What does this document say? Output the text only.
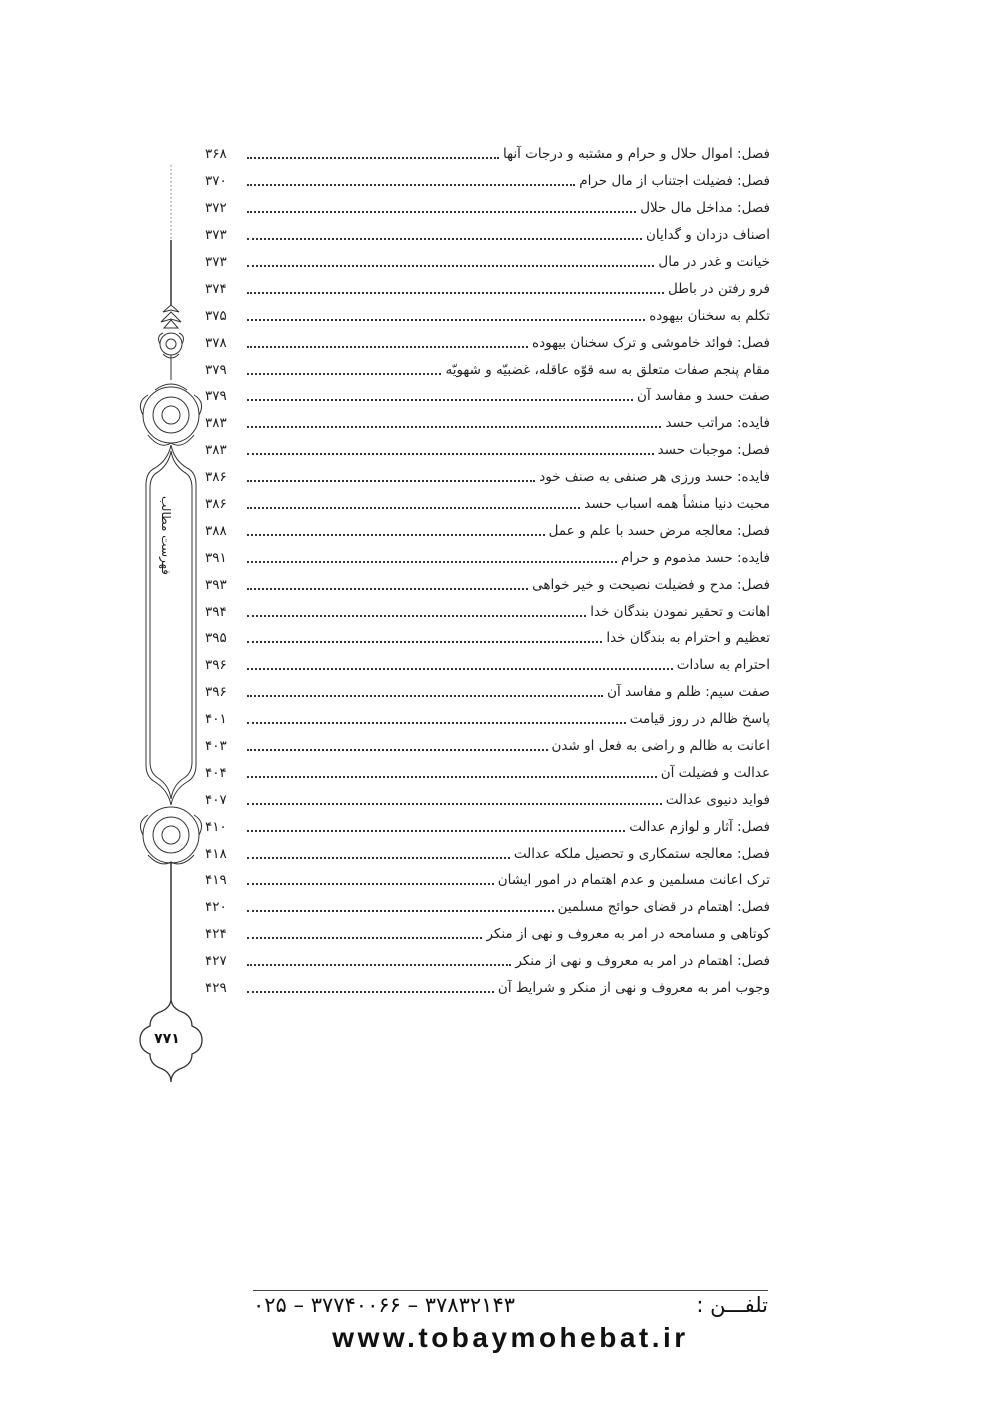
فهرست مطالب
۷۷۱
فصل: اموال حلال و حرام و مشتبه و درجات آنها
۳۶۸
فصل: فضیلت اجتناب از مال حرام
۳۷۰
فصل: مداخل مال حلال
۳۷۲
اصناف دزدان و گدایان
۳۷۳
خیانت و غدر در مال
۳۷۳
فرو رفتن در باطل
۳۷۴
تکلم به سخنان بیهوده
۳۷۵
فصل: فوائد خاموشی و ترک سخنان بیهوده
۳۷۸
مقام پنجم صفات متعلق به سه قوّه عاقله، غضبیّه و شهویّه
۳۷۹
صفت حسد و مفاسد آن
۳۷۹
فایده: مراتب حسد
۳۸۳
فصل: موجبات حسد
۳۸۳
فایده: حسد ورزی هر صنفی به صنف خود
۳۸۶
محبت دنیا منشأ همه اسباب حسد
۳۸۶
فصل: معالجه مرض حسد با علم و عمل
۳۸۸
فایده: حسد مذموم و حرام
۳۹۱
فصل: مدح و فضیلت نصیحت و خیر خواهی
۳۹۳
اهانت و تحقیر نمودن بندگان خدا
۳۹۴
تعظیم و احترام به بندگان خدا
۳۹۵
احترام به سادات
۳۹۶
صفت سیم: ظلم و مفاسد آن
۳۹۶
پاسخ ظالم در روز قیامت
۴۰۱
اعانت به ظالم و راضی به فعل او شدن
۴۰۳
عدالت و فضیلت آن
۴۰۴
فواید دنیوی عدالت
۴۰۷
فصل: آثار و لوازم عدالت
۴۱۰
فصل: معالجه ستمکاری و تحصیل ملکه عدالت
۴۱۸
ترک اعانت مسلمین و عدم اهتمام در امور ایشان
۴۱۹
فصل: اهتمام در قضای حوائج مسلمین
۴۲۰
کوتاهی و مسامحه در امر به معروف و نهی از منکر
۴۲۴
فصل: اهتمام در امر به معروف و نهی از منکر
۴۲۷
وجوب امر به معروف و نهی از منکر و شرایط آن
۴۲۹
تلفـــن :
۰۲۵ – ۳۷۷۴۰۰۶۶ – ۳۷۸۳۲۱۴۳
www.tobaymohebat.ir
